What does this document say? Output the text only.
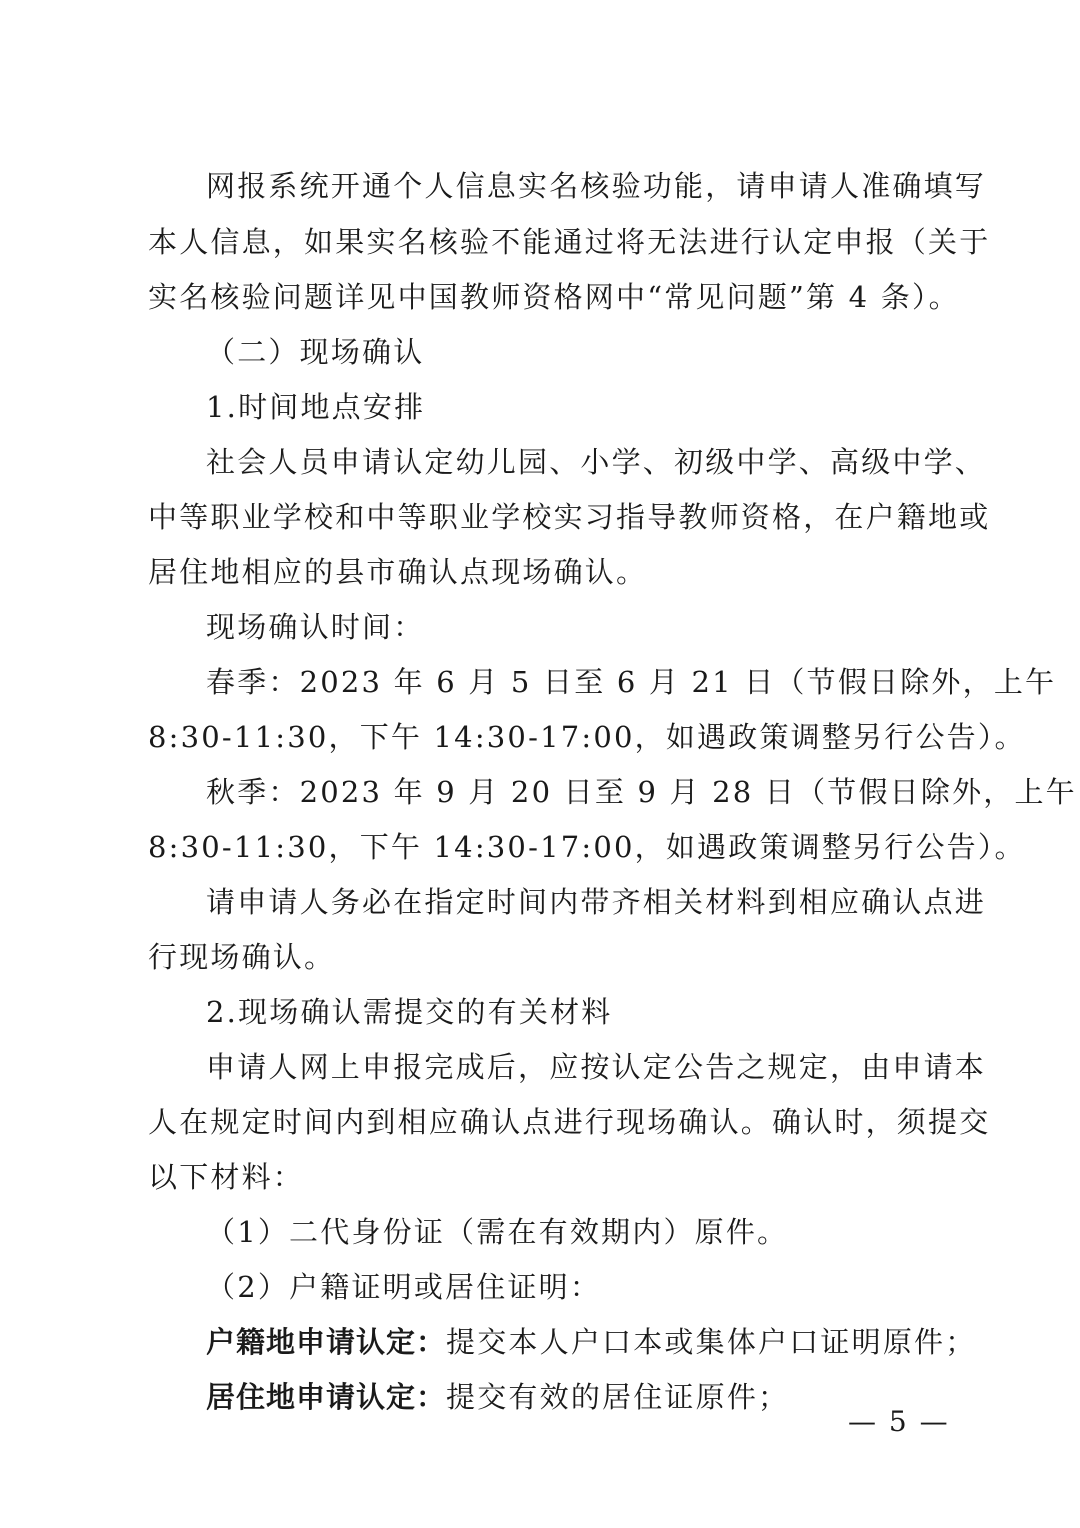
网报系统开通个人信息实名核验功能，请申请人准确填写
本人信息，如果实名核验不能通过将无法进行认定申报（关于
实名核验问题详见中国教师资格网中“常见问题”第 4 条）。
（二）现场确认
1.时间地点安排
社会人员申请认定幼儿园、小学、初级中学、高级中学、
中等职业学校和中等职业学校实习指导教师资格，在户籍地或
居住地相应的县市确认点现场确认。
现场确认时间：
春季：2023 年 6 月 5 日至 6 月 21 日（节假日除外，上午
8:30-11:30，下午 14:30-17:00，如遇政策调整另行公告）。
秋季：2023 年 9 月 20 日至 9 月 28 日（节假日除外，上午
8:30-11:30，下午 14:30-17:00，如遇政策调整另行公告）。
请申请人务必在指定时间内带齐相关材料到相应确认点进
行现场确认。
2.现场确认需提交的有关材料
申请人网上申报完成后，应按认定公告之规定，由申请本
人在规定时间内到相应确认点进行现场确认。确认时，须提交
以下材料：
（1）二代身份证（需在有效期内）原件。
（2）户籍证明或居住证明：
户籍地申请认定：提交本人户口本或集体户口证明原件；
居住地申请认定：提交有效的居住证原件；
— 5 —
